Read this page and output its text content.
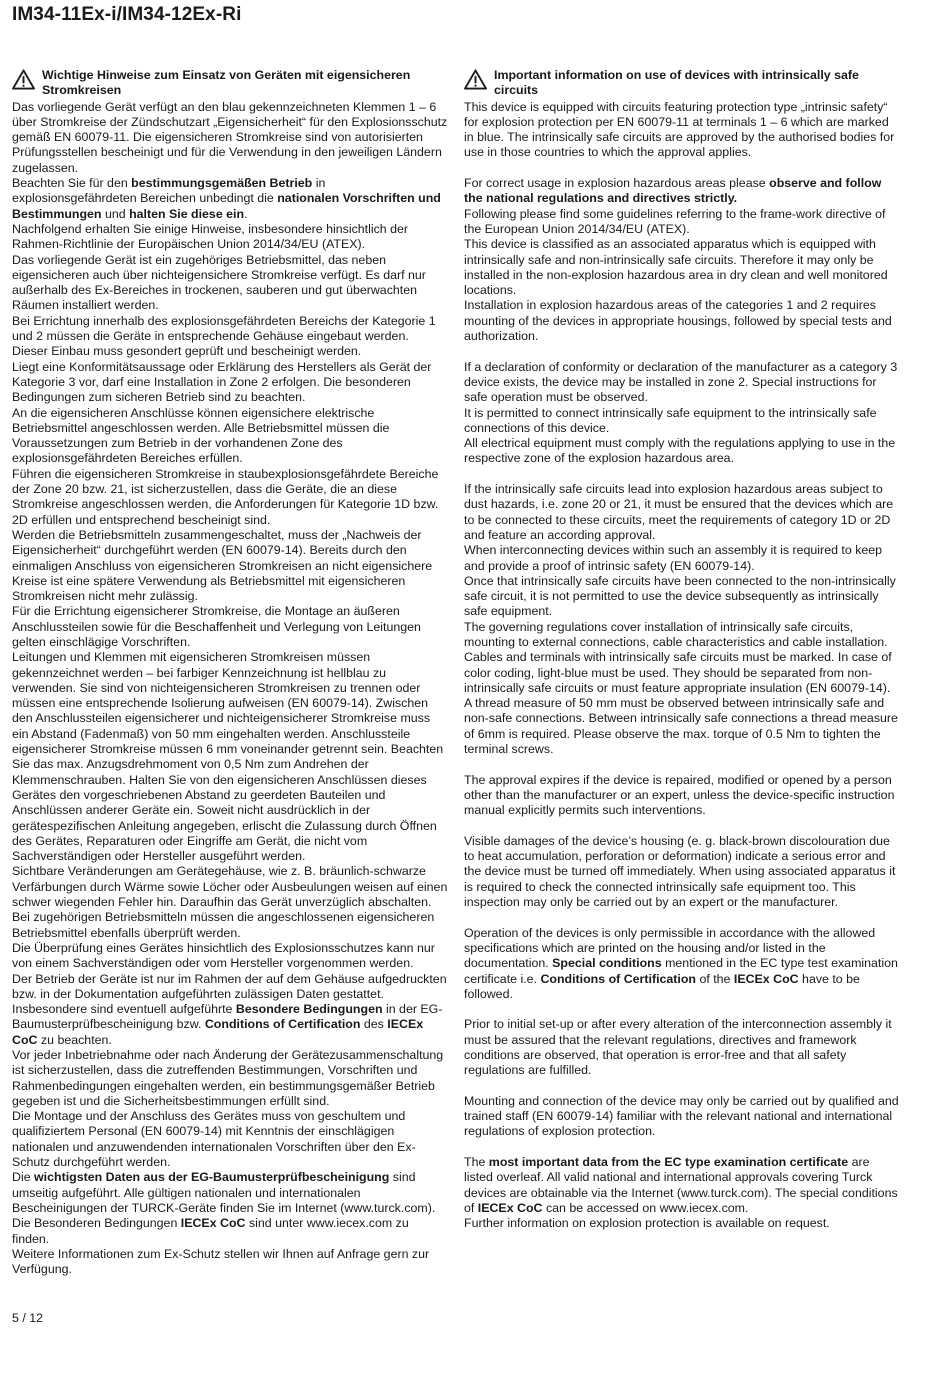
IM34-11Ex-i/IM34-12Ex-Ri
Wichtige Hinweise zum Einsatz von Geräten mit eigensicheren Stromkreisen

Das vorliegende Gerät verfügt an den blau gekennzeichneten Klemmen 1 – 6 über Stromkreise der Zündschutzart „Eigensicherheit“ für den Explosionsschutz gemäß EN 60079-11. Die eigensicheren Stromkreise sind von autorisierten Prüfungsstellen bescheinigt und für die Verwendung in den jeweiligen Ländern zugelassen.

Beachten Sie für den bestimmungsgemäßen Betrieb in explosionsgefährdeten Bereichen unbedingt die nationalen Vorschriften und Bestimmungen und halten Sie diese ein.

Nachfolgend erhalten Sie einige Hinweise, insbesondere hinsichtlich der Rahmen-Richtlinie der Europäischen Union 2014/34/EU (ATEX).

Das vorliegende Gerät ist ein zugehöriges Betriebsmittel, das neben eigensicheren auch über nichteigensichere Stromkreise verfügt. Es darf nur außerhalb des Ex-Bereiches in trockenen, sauberen und gut überwachten Räumen installiert werden.

Bei Errichtung innerhalb des explosionsgefährdeten Bereichs der Kategorie 1 und 2 müssen die Geräte in entsprechende Gehäuse eingebaut werden. Dieser Einbau muss gesondert geprüft und bescheinigt werden.

Liegt eine Konformitätsaussage oder Erklärung des Herstellers als Gerät der Kategorie 3 vor, darf eine Installation in Zone 2 erfolgen. Die besonderen Bedingungen zum sicheren Betrieb sind zu beachten.

An die eigensicheren Anschlüsse können eigensichere elektrische Betriebsmittel angeschlossen werden. Alle Betriebsmittel müssen die Voraussetzungen zum Betrieb in der vorhandenen Zone des explosionsgefährdeten Bereiches erfüllen.

Führen die eigensicheren Stromkreise in staubexplosionsgefährdete Bereiche der Zone 20 bzw. 21, ist sicherzustellen, dass die Geräte, die an diese Stromkreise angeschlossen werden, die Anforderungen für Kategorie 1D bzw. 2D erfüllen und entsprechend bescheinigt sind.

Werden die Betriebsmitteln zusammengeschaltet, muss der „Nachweis der Eigensicherheit“ durchgeführt werden (EN 60079-14). Bereits durch den einmaligen Anschluss von eigensicheren Stromkreisen an nicht eigensichere Kreise ist eine spätere Verwendung als Betriebsmittel mit eigensicheren Stromkreisen nicht mehr zulässig.

Für die Errichtung eigensicherer Stromkreise, die Montage an äußeren Anschlussteilen sowie für die Beschaffenheit und Verlegung von Leitungen gelten einschlägige Vorschriften.

Leitungen und Klemmen mit eigensicheren Stromkreisen müssen gekennzeichnet werden – bei farbiger Kennzeichnung ist hellblau zu verwenden. Sie sind von nichteigensicheren Stromkreisen zu trennen oder müssen eine entsprechende Isolierung aufweisen (EN 60079-14). Zwischen den Anschlussteilen eigensicherer und nichteigensicherer Stromkreise muss ein Abstand (Fadenmaß) von 50 mm eingehalten werden. Anschlussteile eigensicherer Stromkreise müssen 6 mm voneinander getrennt sein. Beachten Sie das max. Anzugsdrehmoment von 0,5 Nm zum Andrehen der Klemmenschrauben. Halten Sie von den eigensicheren Anschlüssen dieses Gerätes den vorgeschriebenen Abstand zu geerdeten Bauteilen und Anschlüssen anderer Geräte ein. Soweit nicht ausdrücklich in der gerätespezifischen Anleitung angegeben, erlischt die Zulassung durch Öffnen des Gerätes, Reparaturen oder Eingriffe am Gerät, die nicht vom Sachverständigen oder Hersteller ausgeführt werden.

Sichtbare Veränderungen am Gerätegehäuse, wie z. B. bräunlich-schwarze Verfärbungen durch Wärme sowie Löcher oder Ausbeulungen weisen auf einen schwer wiegenden Fehler hin. Daraufhin das Gerät unverzüglich abschalten. Bei zugehörigen Betriebsmitteln müssen die angeschlossenen eigensicheren Betriebsmittel ebenfalls überprüft werden.

Die Überprüfung eines Gerätes hinsichtlich des Explosionsschutzes kann nur von einem Sachverständigen oder vom Hersteller vorgenommen werden.

Der Betrieb der Geräte ist nur im Rahmen der auf dem Gehäuse aufgedruckten bzw. in der Dokumentation aufgeführten zulässigen Daten gestattet. Insbesondere sind eventuell aufgeführte Besondere Bedingungen in der EG-Baumusterprüfbescheinigung bzw. Conditions of Certification des IECEx CoC zu beachten.

Vor jeder Inbetriebnahme oder nach Änderung der Gerätezusammenschaltung ist sicherzustellen, dass die zutreffenden Bestimmungen, Vorschriften und Rahmenbedingungen eingehalten werden, ein bestimmungsgemäßer Betrieb gegeben ist und die Sicherheitsbestimmungen erfüllt sind.

Die Montage und der Anschluss des Gerätes muss von geschultem und qualifiziertem Personal (EN 60079-14) mit Kenntnis der einschlägigen nationalen und anzuwendenden internationalen Vorschriften über den Ex-Schutz durchgeführt werden.

Die wichtigsten Daten aus der EG-Baumusterprüfbescheinigung sind umseitig aufgeführt. Alle gültigen nationalen und internationalen Bescheinigungen der TURCK-Geräte finden Sie im Internet (www.turck.com).

Die Besonderen Bedingungen IECEx CoC sind unter www.iecex.com zu finden.

Weitere Informationen zum Ex-Schutz stellen wir Ihnen auf Anfrage gern zur Verfügung.

Important information on use of devices with intrinsically safe circuits

This device is equipped with circuits featuring protection type „intrinsic safety“ for explosion protection per EN 60079-11 at terminals 1 – 6 which are marked in blue. The intrinsically safe circuits are approved by the authorised bodies for use in those countries to which the approval applies.

For correct usage in explosion hazardous areas please observe and follow the national regulations and directives strictly.

Following please find some guidelines referring to the frame-work directive of the European Union 2014/34/EU (ATEX).

This device is classified as an associated apparatus which is equipped with intrinsically safe and non-intrinsically safe circuits. Therefore it may only be installed in the non-explosion hazardous area in dry clean and well monitored locations.

Installation in explosion hazardous areas of the categories 1 and 2 requires mounting of the devices in appropriate housings, followed by special tests and authorization.

If a declaration of conformity or declaration of the manufacturer as a category 3 device exists, the device may be installed in zone 2. Special instructions for safe operation must be observed.

It is permitted to connect intrinsically safe equipment to the intrinsically safe connections of this device.

All electrical equipment must comply with the regulations applying to use in the respective zone of the explosion hazardous area.

If the intrinsically safe circuits lead into explosion hazardous areas subject to dust hazards, i.e. zone 20 or 21, it must be ensured that the devices which are to be connected to these circuits, meet the requirements of category 1D or 2D and feature an according approval.

When interconnecting devices within such an assembly it is required to keep and provide a proof of intrinsic safety (EN 60079-14).

Once that intrinsically safe circuits have been connected to the non-intrinsically safe circuit, it is not permitted to use the device subsequently as intrinsically safe equipment.

The governing regulations cover installation of intrinsically safe circuits, mounting to external connections, cable characteristics and cable installation.

Cables and terminals with intrinsically safe circuits must be marked. In case of color coding, light-blue must be used. They should be separated from non-intrinsically safe circuits or must feature appropriate insulation (EN 60079-14). A thread measure of 50 mm must be observed between intrinsically safe and non-safe connections. Between intrinsically safe connections a thread measure of 6mm is required. Please observe the max. torque of 0.5 Nm to tighten the terminal screws.

The approval expires if the device is repaired, modified or opened by a person other than the manufacturer or an expert, unless the device-specific instruction manual explicitly permits such interventions.

Visible damages of the device’s housing (e. g. black-brown discolouration due to heat accumulation, perforation or deformation) indicate a serious error and the device must be turned off immediately. When using associated apparatus it is required to check the connected intrinsically safe equipment too. This inspection may only be carried out by an expert or the manufacturer.

Operation of the devices is only permissible in accordance with the allowed specifications which are printed on the housing and/or listed in the documentation. Special conditions mentioned in the EC type test examination certificate i.e. Conditions of Certification of the IECEx CoC have to be followed.

Prior to initial set-up or after every alteration of the interconnection assembly it must be assured that the relevant regulations, directives and framework conditions are observed, that operation is error-free and that all safety regulations are fulfilled.

Mounting and connection of the device may only be carried out by qualified and trained staff (EN 60079-14) familiar with the relevant national and international regulations of explosion protection.

The most important data from the EC type examination certificate are listed overleaf. All valid national and international approvals covering Turck devices are obtainable via the Internet (www.turck.com). The special conditions of IECEx CoC can be accessed on www.iecex.com.

Further information on explosion protection is available on request.

5 / 12
